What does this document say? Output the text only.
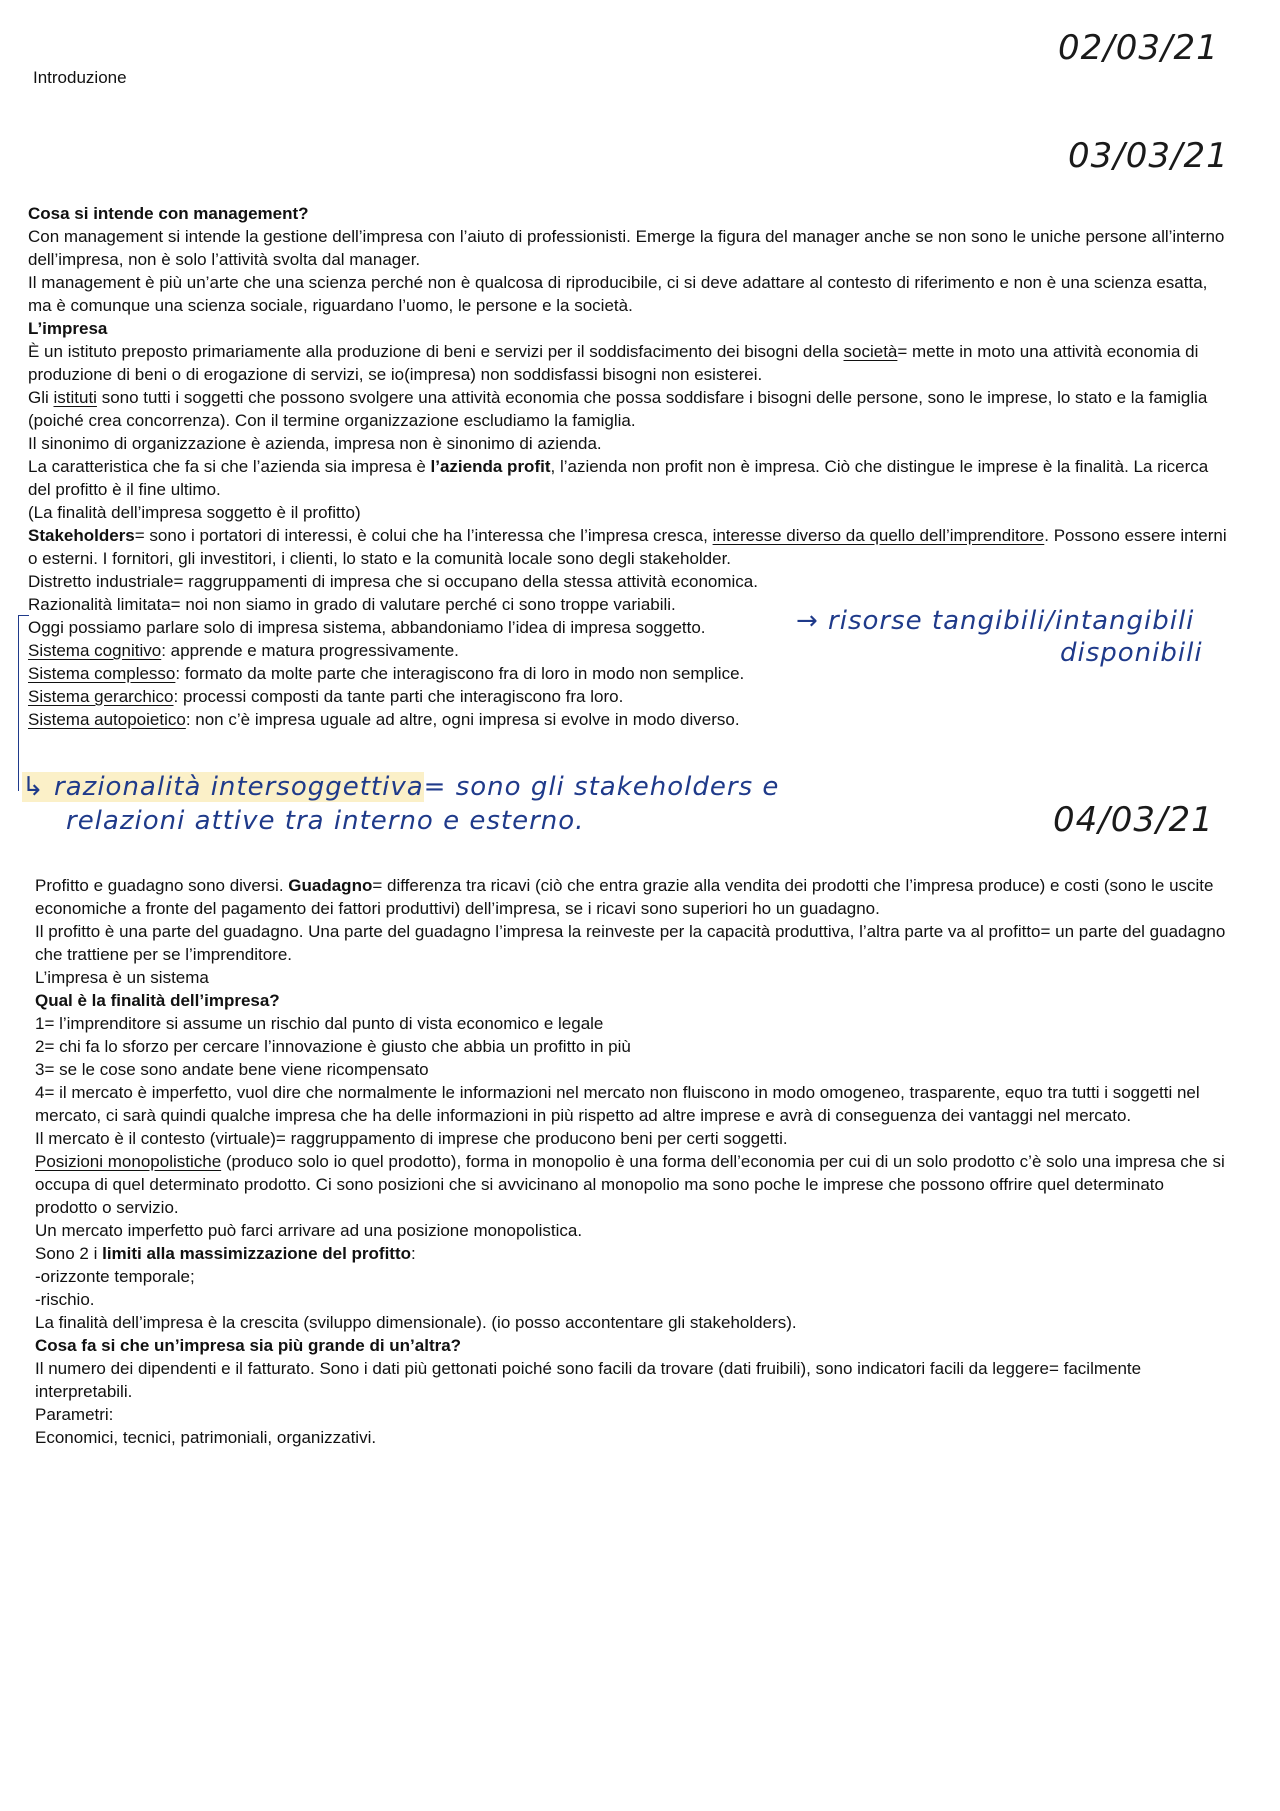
Introduzione
02/03/21
03/03/21
04/03/21

Cosa si intende con management?

Con management si intende la gestione dell’impresa con l’aiuto di professionisti. Emerge la figura del manager anche se non sono le uniche persone all’interno dell’impresa, non è solo l’attività svolta dal manager.

Il management è più un’arte che una scienza perché non è qualcosa di riproducibile, ci si deve adattare al contesto di riferimento e non è una scienza esatta, ma è comunque una scienza sociale, riguardano l’uomo, le persone e la società.

L’impresa

È un istituto preposto primariamente alla produzione di beni e servizi per il soddisfacimento dei bisogni della società= mette in moto una attività economia di produzione di beni o di erogazione di servizi, se io(impresa) non soddisfassi bisogni non esisterei.

Gli istituti sono tutti i soggetti che possono svolgere una attività economia che possa soddisfare i bisogni delle persone, sono le imprese, lo stato e la famiglia (poiché crea concorrenza). Con il termine organizzazione escludiamo la famiglia.

Il sinonimo di organizzazione è azienda, impresa non è sinonimo di azienda.

La caratteristica che fa si che l’azienda sia impresa è l’azienda profit, l’azienda non profit non è impresa. Ciò che distingue le imprese è la finalità. La ricerca del profitto è il fine ultimo.

(La finalità dell’impresa soggetto è il profitto)

Stakeholders= sono i portatori di interessi, è colui che ha l’interessa che l’impresa cresca, interesse diverso da quello dell’imprenditore. Possono essere interni o esterni. I fornitori, gli investitori, i clienti, lo stato e la comunità locale sono degli stakeholder.

Distretto industriale= raggruppamenti di impresa che si occupano della stessa attività economica.

Razionalità limitata= noi non siamo in grado di valutare perché ci sono troppe variabili.

Oggi possiamo parlare solo di impresa sistema, abbandoniamo l’idea di impresa soggetto.

Sistema cognitivo: apprende e matura progressivamente.

Sistema complesso: formato da molte parte che interagiscono fra di loro in modo non semplice.

Sistema gerarchico: processi composti da tante parti che interagiscono fra loro.

Sistema autopoietico: non c’è impresa uguale ad altre, ogni impresa si evolve in modo diverso.

→ risorse tangibili/intangibili
disponibili
↳ razionalità intersoggettiva= sono gli stakeholders e
relazioni attive tra interno e esterno.

Profitto e guadagno sono diversi. Guadagno= differenza tra ricavi (ciò che entra grazie alla vendita dei prodotti che l’impresa produce) e costi (sono le uscite economiche a fronte del pagamento dei fattori produttivi) dell’impresa, se i ricavi sono superiori ho un guadagno.

Il profitto è una parte del guadagno. Una parte del guadagno l’impresa la reinveste per la capacità produttiva, l’altra parte va al profitto= un parte del guadagno che trattiene per se l’imprenditore.

L’impresa è un sistema

Qual è la finalità dell’impresa?

1= l’imprenditore si assume un rischio dal punto di vista economico e legale

2= chi fa lo sforzo per cercare l’innovazione è giusto che abbia un profitto in più

3= se le cose sono andate bene viene ricompensato

4= il mercato è imperfetto, vuol dire che normalmente le informazioni nel mercato non fluiscono in modo omogeneo, trasparente, equo tra tutti i soggetti nel mercato, ci sarà quindi qualche impresa che ha delle informazioni in più rispetto ad altre imprese e avrà di conseguenza dei vantaggi nel mercato.

Il mercato è il contesto (virtuale)= raggruppamento di imprese che producono beni per certi soggetti.

Posizioni monopolistiche (produco solo io quel prodotto), forma in monopolio è una forma dell’economia per cui di un solo prodotto c’è solo una impresa che si occupa di quel determinato prodotto. Ci sono posizioni che si avvicinano al monopolio ma sono poche le imprese che possono offrire quel determinato prodotto o servizio.

Un mercato imperfetto può farci arrivare ad una posizione monopolistica.

Sono 2 i limiti alla massimizzazione del profitto:

-orizzonte temporale;

-rischio.

La finalità dell’impresa è la crescita (sviluppo dimensionale). (io posso accontentare gli stakeholders).

Cosa fa si che un’impresa sia più grande di un’altra?

Il numero dei dipendenti e il fatturato. Sono i dati più gettonati poiché sono facili da trovare (dati fruibili), sono indicatori facili da leggere= facilmente interpretabili.

Parametri:

Economici, tecnici, patrimoniali, organizzativi.
